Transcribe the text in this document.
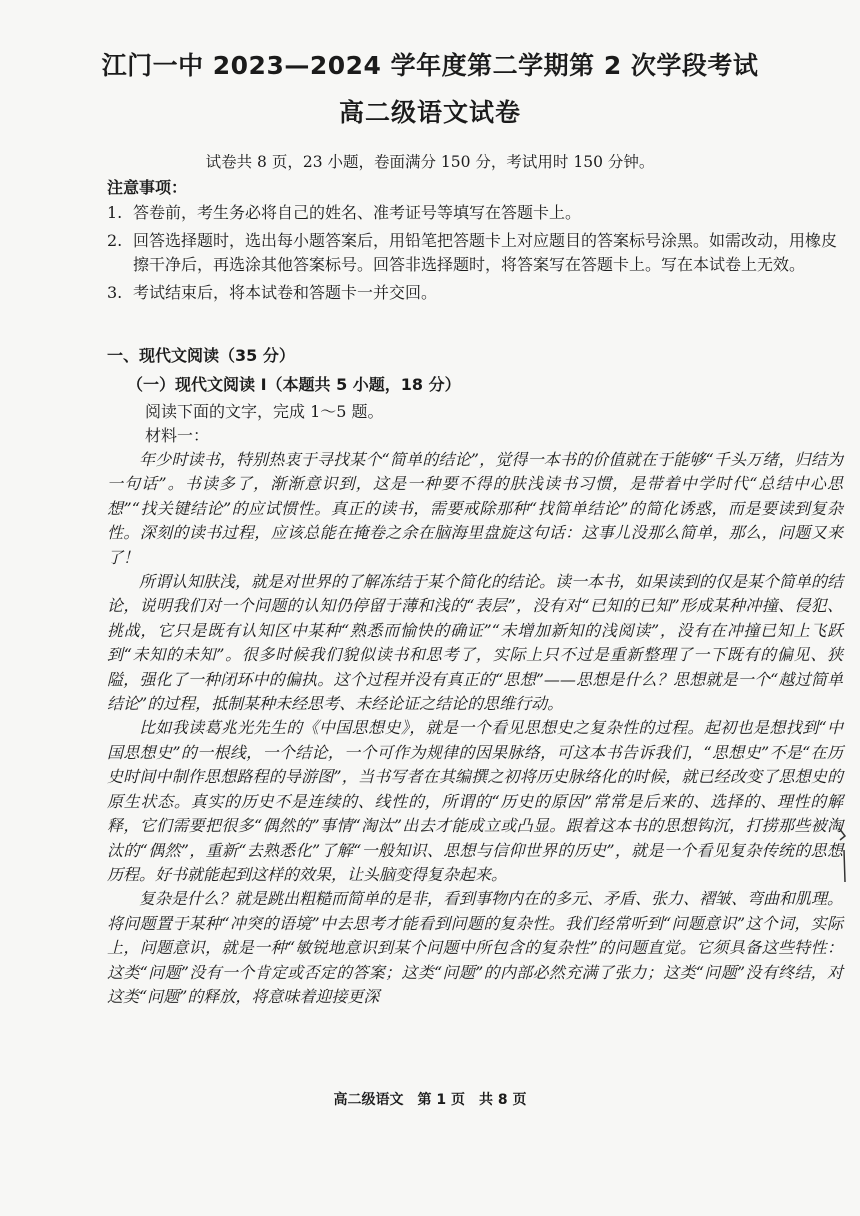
江门一中 2023—2024 学年度第二学期第 2 次学段考试
高二级语文试卷
试卷共 8 页，23 小题，卷面满分 150 分，考试用时 150 分钟。
注意事项：
1. 答卷前，考生务必将自己的姓名、准考证号等填写在答题卡上。
2. 回答选择题时，选出每小题答案后，用铅笔把答题卡上对应题目的答案标号涂黑。如需改动，用橡皮擦干净后，再选涂其他答案标号。回答非选择题时，将答案写在答题卡上。写在本试卷上无效。
3. 考试结束后，将本试卷和答题卡一并交回。
一、现代文阅读（35 分）
（一）现代文阅读 I（本题共 5 小题，18 分）
阅读下面的文字，完成 1～5 题。
材料一：

年少时读书，特别热衷于寻找某个“简单的结论”，觉得一本书的价值就在于能够“千头万绪，归结为一句话”。书读多了，渐渐意识到，这是一种要不得的肤浅读书习惯，是带着中学时代“总结中心思想”“找关键结论”的应试惯性。真正的读书，需要戒除那种“找简单结论”的简化诱惑，而是要读到复杂性。深刻的读书过程，应该总能在掩卷之余在脑海里盘旋这句话：这事儿没那么简单，那么，问题又来了！

所谓认知肤浅，就是对世界的了解冻结于某个简化的结论。读一本书，如果读到的仅是某个简单的结论，说明我们对一个问题的认知仍停留于薄和浅的“表层”，没有对“已知的已知”形成某种冲撞、侵犯、挑战，它只是既有认知区中某种“熟悉而愉快的确证”“未增加新知的浅阅读”，没有在冲撞已知上飞跃到“未知的未知”。很多时候我们貌似读书和思考了，实际上只不过是重新整理了一下既有的偏见、狭隘，强化了一种闭环中的偏执。这个过程并没有真正的“思想”——思想是什么？思想就是一个“越过简单结论”的过程，抵制某种未经思考、未经论证之结论的思维行动。

比如我读葛兆光先生的《中国思想史》，就是一个看见思想史之复杂性的过程。起初也是想找到“中国思想史”的一根线，一个结论，一个可作为规律的因果脉络，可这本书告诉我们，“思想史”不是“在历史时间中制作思想路程的导游图”，当书写者在其编撰之初将历史脉络化的时候，就已经改变了思想史的原生状态。真实的历史不是连续的、线性的，所谓的“历史的原因”常常是后来的、选择的、理性的解释，它们需要把很多“偶然的”事情“淘汰”出去才能成立或凸显。跟着这本书的思想钩沉，打捞那些被淘汰的“偶然”，重新“去熟悉化”了解“一般知识、思想与信仰世界的历史”，就是一个看见复杂传统的思想历程。好书就能起到这样的效果，让头脑变得复杂起来。

复杂是什么？就是跳出粗糙而简单的是非，看到事物内在的多元、矛盾、张力、褶皱、弯曲和肌理。将问题置于某种“冲突的语境”中去思考才能看到问题的复杂性。我们经常听到“问题意识”这个词，实际上，问题意识，就是一种“敏锐地意识到某个问题中所包含的复杂性”的问题直觉。它须具备这些特性：这类“问题”没有一个肯定或否定的答案；这类“问题”的内部必然充满了张力；这类“问题”没有终结，对这类“问题”的释放，将意味着迎接更深

高二级语文　第 1 页　共 8 页
